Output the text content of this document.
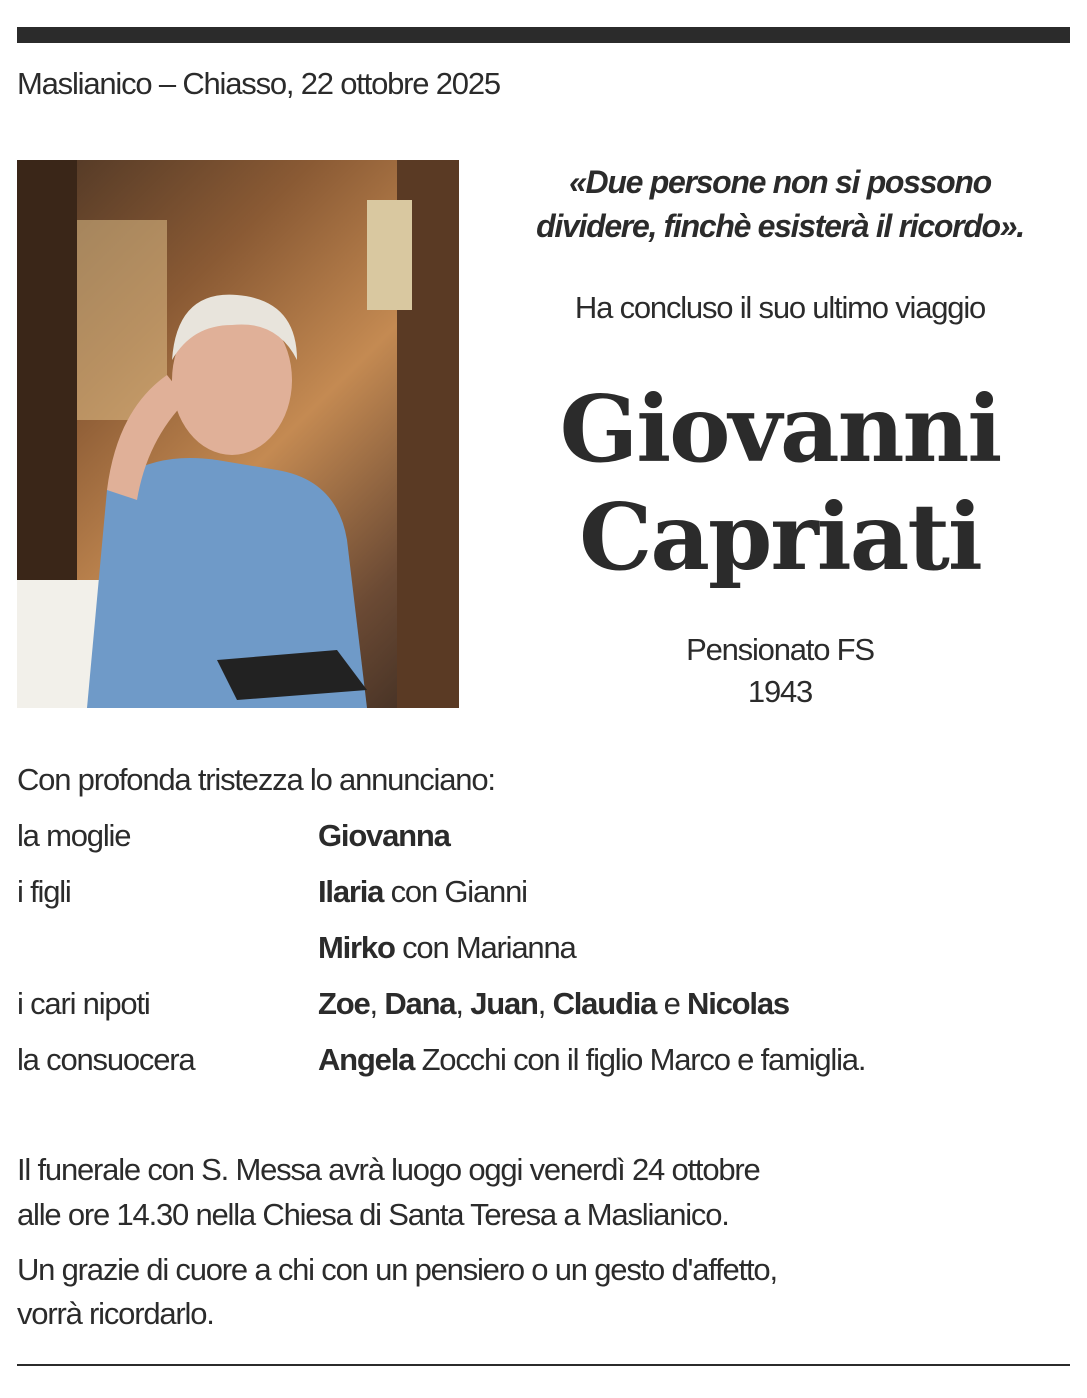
Maslianico – Chiasso, 22 ottobre 2025
«Due persone non si possono
dividere, finchè esisterà il ricordo».
Ha concluso il suo ultimo viaggio
Giovanni
Capriati
Pensionato FS
1943
Con profonda tristezza lo annunciano:
la moglie	Giovanna
i figli	Ilaria con Gianni
Mirko con Marianna
i cari nipoti	Zoe, Dana, Juan, Claudia e Nicolas
la consuocera	Angela Zocchi con il figlio Marco e famiglia.
Il funerale con S. Messa avrà luogo oggi venerdì 24 ottobre
alle ore 14.30 nella Chiesa di Santa Teresa a Maslianico.
Un grazie di cuore a chi con un pensiero o un gesto d'affetto,
vorrà ricordarlo.
